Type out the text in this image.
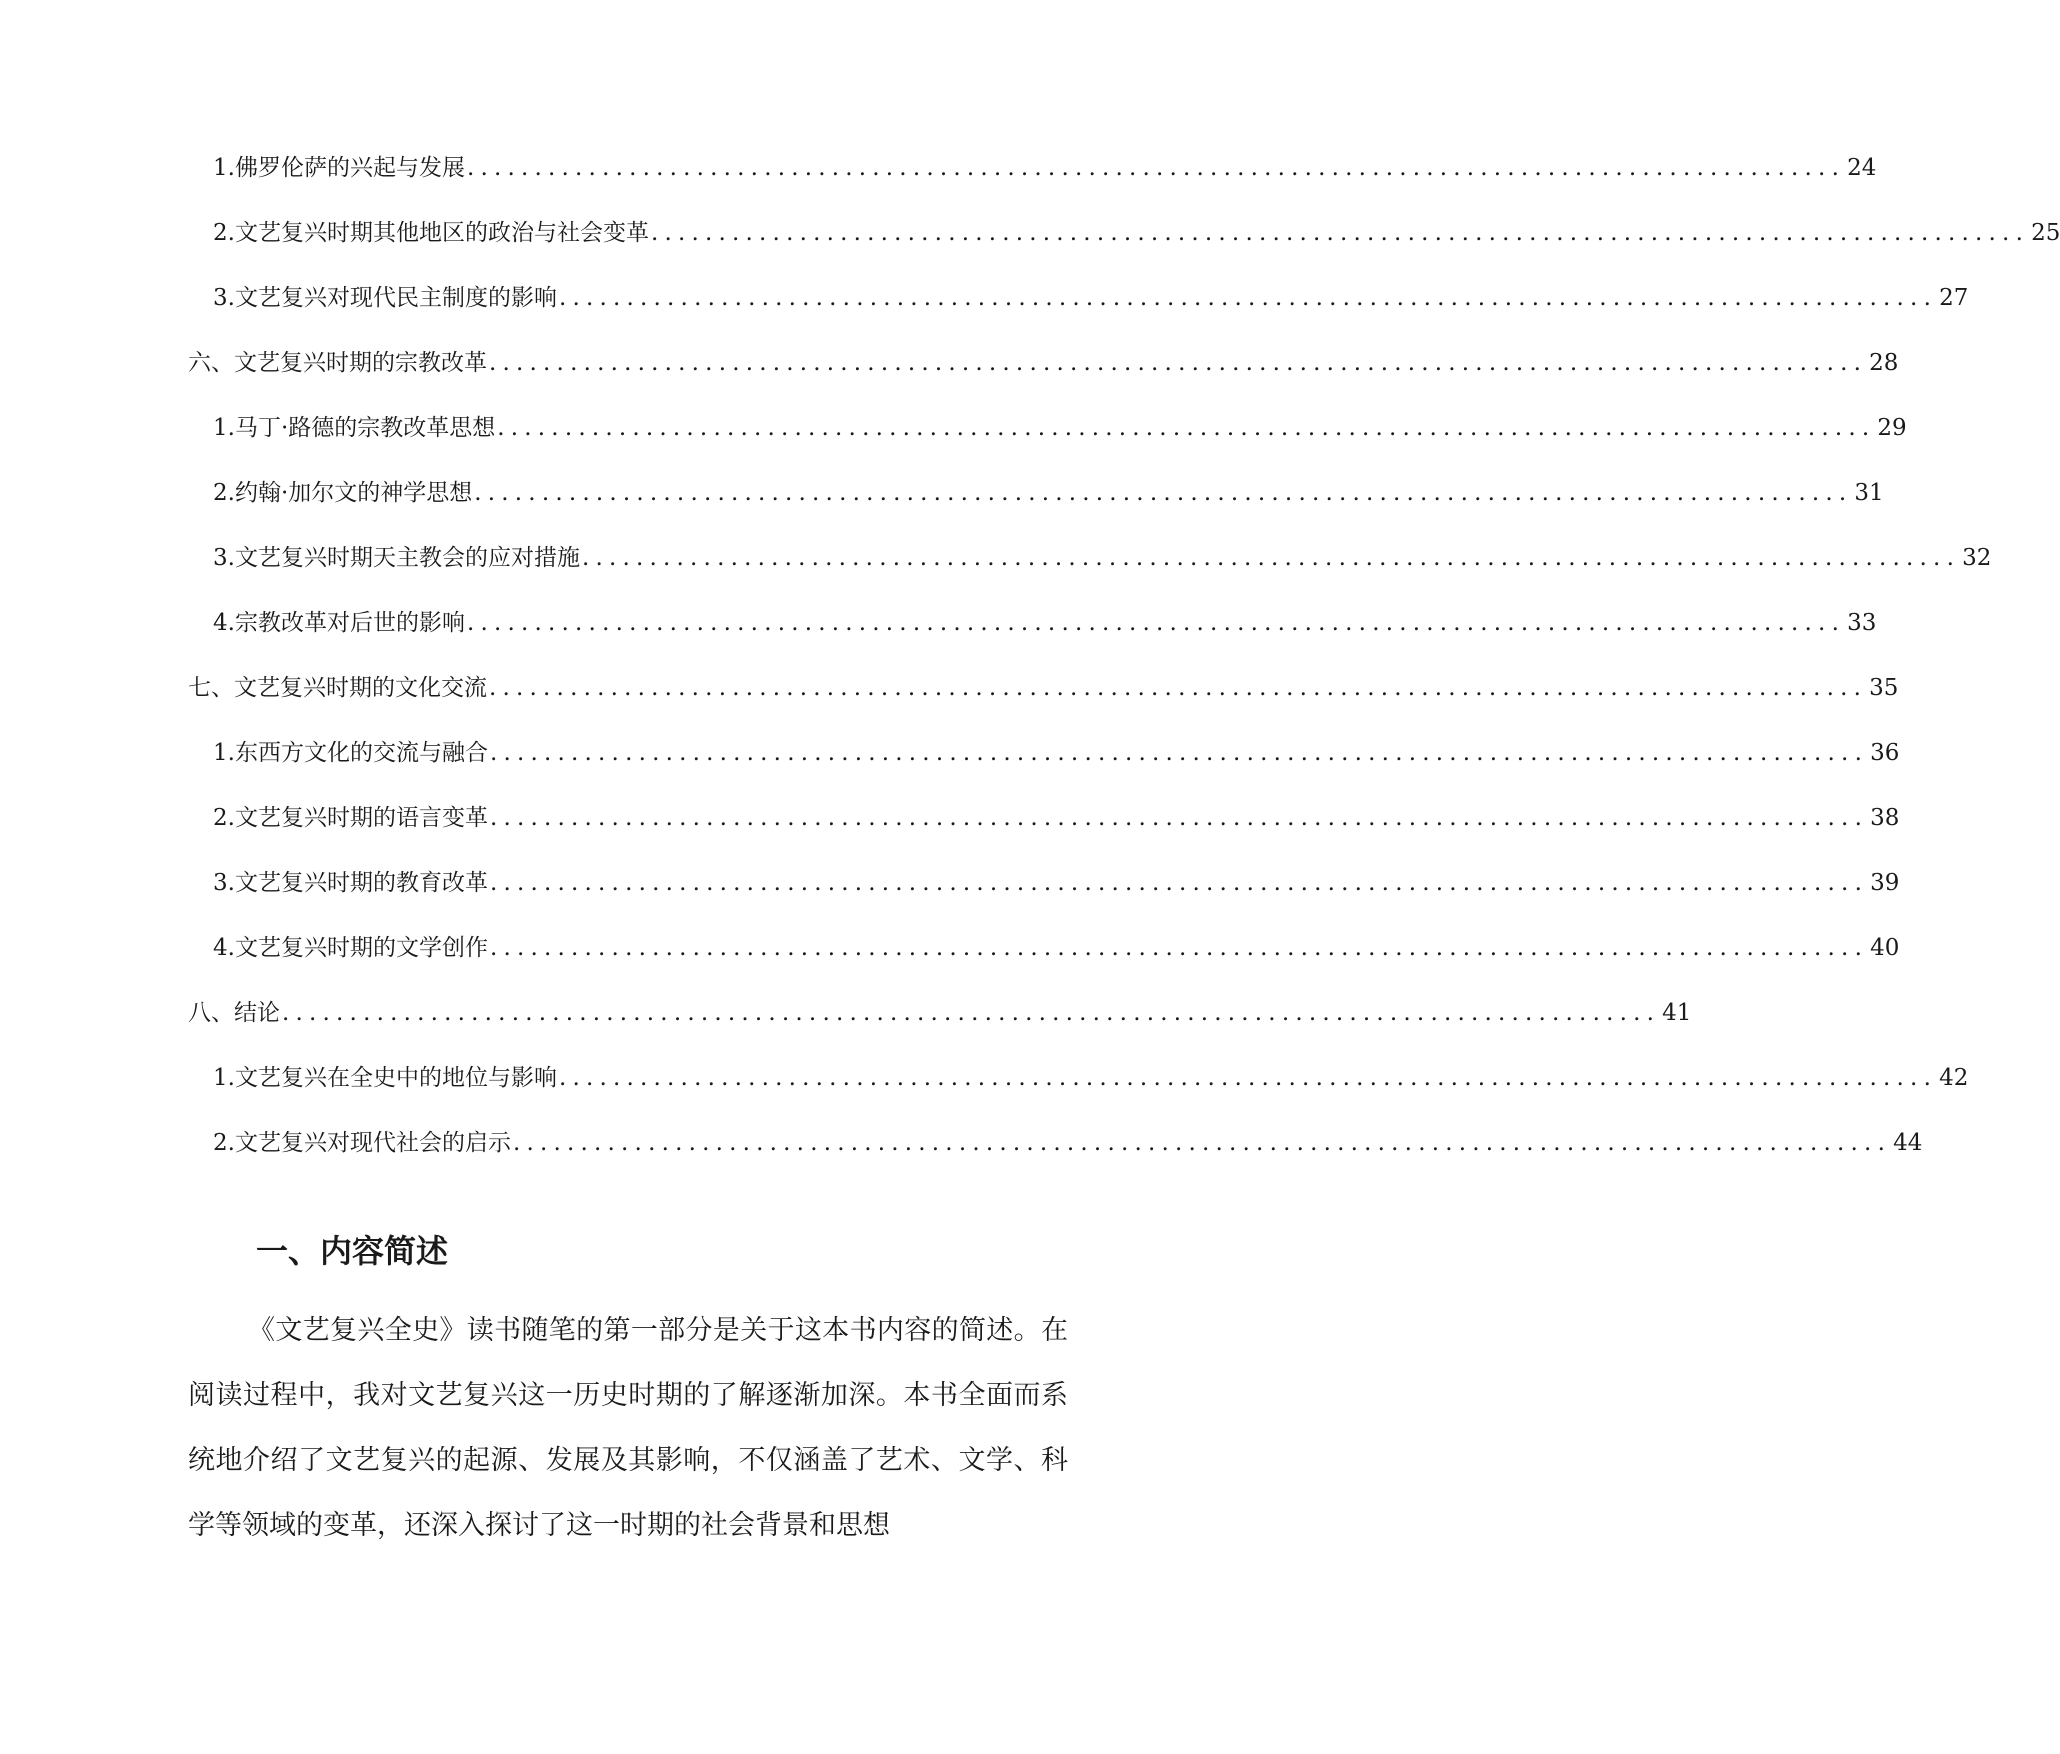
1. 佛罗伦萨的兴起与发展 ...................................................................................................... 24
2. 文艺复兴时期其他地区的政治与社会变革 ...................................................................................................... 25
3. 文艺复兴对现代民主制度的影响 ...................................................................................................... 27
六、文艺复兴时期的宗教改革 ...................................................................................................... 28
1. 马丁·路德的宗教改革思想 ...................................................................................................... 29
2. 约翰·加尔文的神学思想 ...................................................................................................... 31
3. 文艺复兴时期天主教会的应对措施 ...................................................................................................... 32
4. 宗教改革对后世的影响 ...................................................................................................... 33
七、文艺复兴时期的文化交流 ...................................................................................................... 35
1. 东西方文化的交流与融合 ...................................................................................................... 36
2. 文艺复兴时期的语言变革 ...................................................................................................... 38
3. 文艺复兴时期的教育改革 ...................................................................................................... 39
4. 文艺复兴时期的文学创作 ...................................................................................................... 40
八、结论 ...................................................................................................... 41
1. 文艺复兴在全史中的地位与影响 ...................................................................................................... 42
2. 文艺复兴对现代社会的启示 ...................................................................................................... 44
一、内容简述

《文艺复兴全史》读书随笔的第一部分是关于这本书内容的简述。在阅读过程中，我对文艺复兴这一历史时期的了解逐渐加深。本书全面而系统地介绍了文艺复兴的起源、发展及其影响，不仅涵盖了艺术、文学、科学等领域的变革，还深入探讨了这一时期的社会背景和思想
